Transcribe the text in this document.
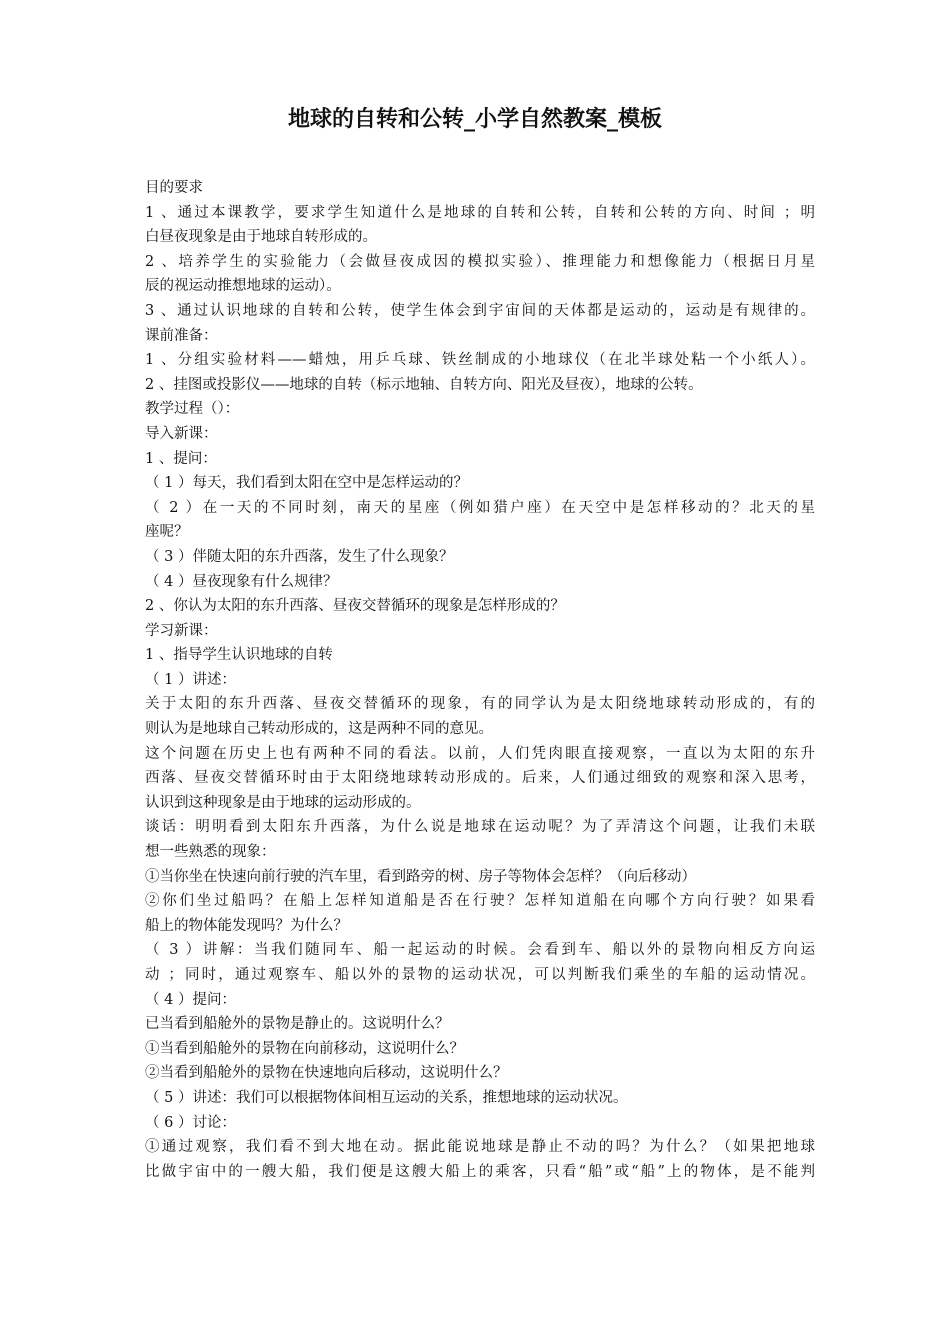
地球的自转和公转_小学自然教案_模板
目的要求
1 、通过本课教学，要求学生知道什么是地球的自转和公转，自转和公转的方向、时间 ；明
白昼夜现象是由于地球自转形成的。
2 、培养学生的实验能力（会做昼夜成因的模拟实验）、推理能力和想像能力（根据日月星
辰的视运动推想地球的运动）。
3 、通过认识地球的自转和公转，使学生体会到宇宙间的天体都是运动的，运动是有规律的。
课前准备：
1 、分组实验材料——蜡烛，用乒乓球、铁丝制成的小地球仪（在北半球处粘一个小纸人）。
2 、挂图或投影仪——地球的自转（标示地轴、自转方向、阳光及昼夜），地球的公转。
教学过程（）：
导入新课：
1 、提问：
（ 1 ）每天，我们看到太阳在空中是怎样运动的？
（ 2 ）在一天的不同时刻，南天的星座（例如猎户座）在天空中是怎样移动的？北天的星
座呢？
（ 3 ）伴随太阳的东升西落，发生了什么现象？
（ 4 ）昼夜现象有什么规律？
2 、你认为太阳的东升西落、昼夜交替循环的现象是怎样形成的？
学习新课：
1 、指导学生认识地球的自转
（ 1 ）讲述：
关于太阳的东升西落、昼夜交替循环的现象，有的同学认为是太阳绕地球转动形成的，有的
则认为是地球自己转动形成的，这是两种不同的意见。
这个问题在历史上也有两种不同的看法。以前，人们凭肉眼直接观察，一直以为太阳的东升
西落、昼夜交替循环时由于太阳绕地球转动形成的。后来，人们通过细致的观察和深入思考，
认识到这种现象是由于地球的运动形成的。
谈话：明明看到太阳东升西落，为什么说是地球在运动呢？为了弄清这个问题，让我们未联
想一些熟悉的现象：
①当你坐在快速向前行驶的汽车里，看到路旁的树、房子等物体会怎样？（向后移动）
②你们坐过船吗？在船上怎样知道船是否在行驶？怎样知道船在向哪个方向行驶？如果看
船上的物体能发现吗？为什么？
（ 3 ）讲解：当我们随同车、船一起运动的时候。会看到车、船以外的景物向相反方向运
动 ；同时，通过观察车、船以外的景物的运动状况，可以判断我们乘坐的车船的运动情况。
（ 4 ）提问：
已当看到船舱外的景物是静止的。这说明什么？
①当看到船舱外的景物在向前移动，这说明什么？
②当看到船舱外的景物在快速地向后移动，这说明什么？
（ 5 ）讲述：我们可以根据物体间相互运动的关系，推想地球的运动状况。
（ 6 ）讨论：
①通过观察，我们看不到大地在动。据此能说地球是静止不动的吗？为什么？（如果把地球
比做宇宙中的一艘大船，我们便是这艘大船上的乘客，只看“船”或“船”上的物体，是不能判
